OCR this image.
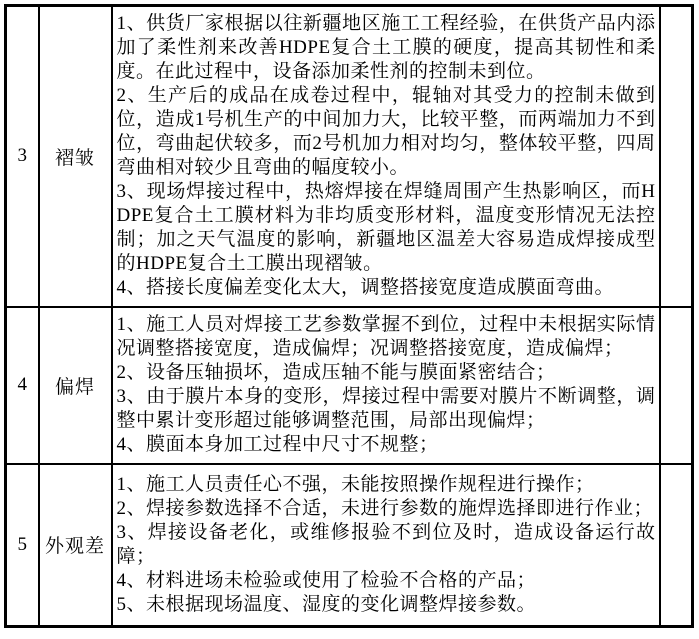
3	褶皱	1、供货厂家根据以往新疆地区施工工程经验，在供货产品内添加了柔性剂来改善HDPE复合土工膜的硬度，提高其韧性和柔度。在此过程中，设备添加柔性剂的控制未到位。

2、生产后的成品在成卷过程中，辊轴对其受力的控制未做到位，造成1号机生产的中间加力大，比较平整，而两端加力不到位，弯曲起伏较多，而2号机加力相对均匀，整体较平整，四周弯曲相对较少且弯曲的幅度较小。

3、现场焊接过程中，热熔焊接在焊缝周围产生热影响区，而HDPE复合土工膜材料为非均质变形材料，温度变形情况无法控制；加之天气温度的影响，新疆地区温差大容易造成焊接成型的HDPE复合土工膜出现褶皱。

4、搭接长度偏差变化太大，调整搭接宽度造成膜面弯曲。	

4	偏焊	1、施工人员对焊接工艺参数掌握不到位，过程中未根据实际情况调整搭接宽度，造成偏焊；况调整搭接宽度，造成偏焊；

2、设备压轴损坏，造成压轴不能与膜面紧密结合；

3、由于膜片本身的变形，焊接过程中需要对膜片不断调整，调整中累计变形超过能够调整范围，局部出现偏焊；

4、膜面本身加工过程中尺寸不规整；	

5	外观差	1、施工人员责任心不强，未能按照操作规程进行操作；

2、焊接参数选择不合适，未进行参数的施焊选择即进行作业；

3、焊接设备老化，或维修报验不到位及时，造成设备运行故障；

4、材料进场未检验或使用了检验不合格的产品；

5、未根据现场温度、湿度的变化调整焊接参数。	
